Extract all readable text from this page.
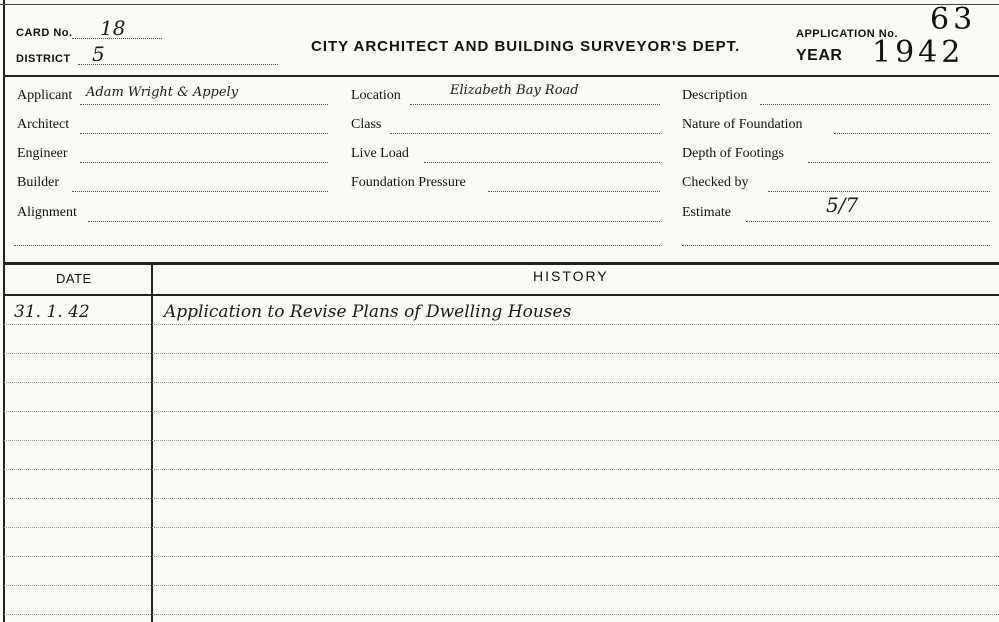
CARD No. 18
DISTRICT 5	CITY ARCHITECT AND BUILDING SURVEYOR'S DEPT.
APPLICATION No. 63
YEAR 1942
Applicant Adam Wright & Appely
Architect
Engineer
Builder
Alignment
Location	Elizabeth Bay Road
Class
Live Load
Foundation Pressure
Description
Nature of Foundation
Depth of Footings
Checked by
Estimate	5/7
DATE	HISTORY
31. 1. 42	Application to Revise Plans of Dwelling Houses
